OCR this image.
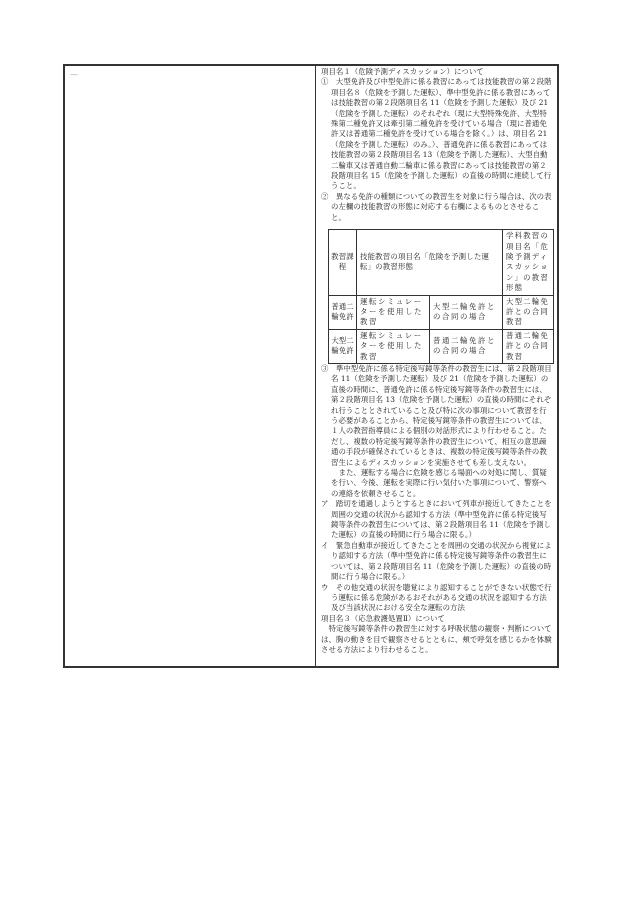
—	項目名１（危険予測ディスカッション）について

①　大型免許及び中型免許に係る教習にあっては技能教習の第２段階項目名８（危険を予測した運転）、準中型免許に係る教習にあっては技能教習の第２段階項目名 11（危険を予測した運転）及び 21（危険を予測した運転）のそれぞれ（現に大型特殊免許、大型特殊第二種免許又は牽引第二種免許を受けている場合（現に普通免許又は普通第二種免許を受けている場合を除く。）は、項目名 21（危険を予測した運転）のみ。）、普通免許に係る教習にあっては技能教習の第２段階項目名 13（危険を予測した運転）、大型自動二輪車又は普通自動二輪車に係る教習にあっては技能教習の第２段階項目名 15（危険を予測した運転）の直後の時間に連続して行うこと。

②　異なる免許の種類についての教習生を対象に行う場合は、次の表の左欄の技能教習の形態に対応する右欄によるものとさせること。

教習課程	技能教習の項目名「危険を予測した運転」の教習形態		学科教習の項目名「危険予測ディスカッション」の教習形態
普通二輪免許	運転シミュレーターを使用した教習	大型二輪免許との合同の場合	大型二輪免許との合同教習
大型二輪免許	運転シミュレーターを使用した教習	普通二輪免許との合同の場合	普通二輪免許との合同教習

③　準中型免許に係る特定後写鏡等条件の教習生には、第２段階項目名 11（危険を予測した運転）及び 21（危険を予測した運転）の直後の時間に、普通免許に係る特定後写鏡等条件の教習生には、第２段階項目名 13（危険を予測した運転）の直後の時間にそれぞれ行うこととされていること及び特に次の事項について教習を行う必要があることから、特定後写鏡等条件の教習生については、１人の教習指導員による個別の対話形式により行わせること。ただし、複数の特定後写鏡等条件の教習生について、相互の意思疎通の手段が確保されているときは、複数の特定後写鏡等条件の教習生によるディスカッションを実施させても差し支えない。

また、運転する場合に危険を感じる場面への対処に関し、質疑を行い、今後、運転を実際に行い気付いた事項について、警察への連絡を依頼させること。

ア　踏切を通過しようとするときにおいて列車が接近してきたことを周囲の交通の状況から認知する方法（準中型免許に係る特定後写鏡等条件の教習生については、第２段階項目名 11（危険を予測した運転）の直後の時間に行う場合に限る。）

イ　緊急自動車が接近してきたことを周囲の交通の状況から視覚により認知する方法（準中型免許に係る特定後写鏡等条件の教習生については、第２段階項目名 11（危険を予測した運転）の直後の時間に行う場合に限る。）

ウ　その他交通の状況を聴覚により認知することができない状態で行う運転に係る危険があるおそれがある交通の状況を認知する方法及び当該状況における安全な運転の方法

項目名３（応急救護処置Ⅱ）について

特定後写鏡等条件の教習生に対する呼吸状態の観察・判断については、胸の動きを目で観察させるとともに、頬で呼気を感じるかを体験させる方法により行わせること。
